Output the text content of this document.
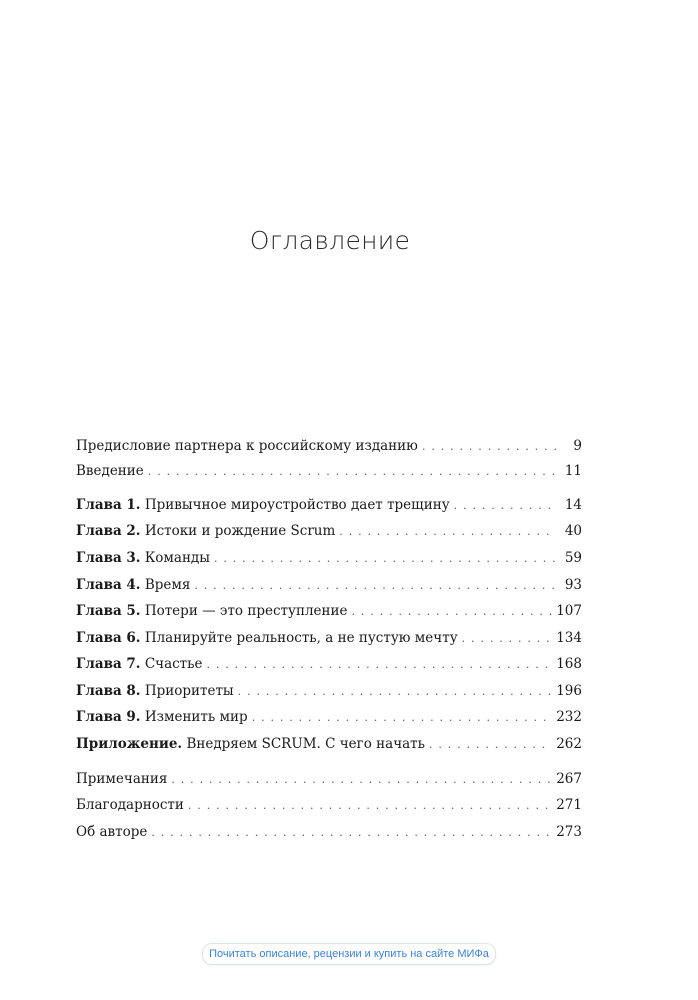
Оглавление
Предисловие партнера к российскому изданию . . .	9
Введение . . .	11
Глава 1. Привычное мироустройство дает трещину . . .	14
Глава 2. Истоки и рождение Scrum . . .	40
Глава 3. Команды . . .	59
Глава 4. Время . . .	93
Глава 5. Потери — это преступление . . .	107
Глава 6. Планируйте реальность, а не пустую мечту . . .	134
Глава 7. Счастье . . .	168
Глава 8. Приоритеты . . .	196
Глава 9. Изменить мир . . .	232
Приложение. Внедряем SCRUM. С чего начать . . .	262
Примечания . . .	267
Благодарности . . .	271
Об авторе . . .	273
Почитать описание, рецензии и купить на сайте МИФа
